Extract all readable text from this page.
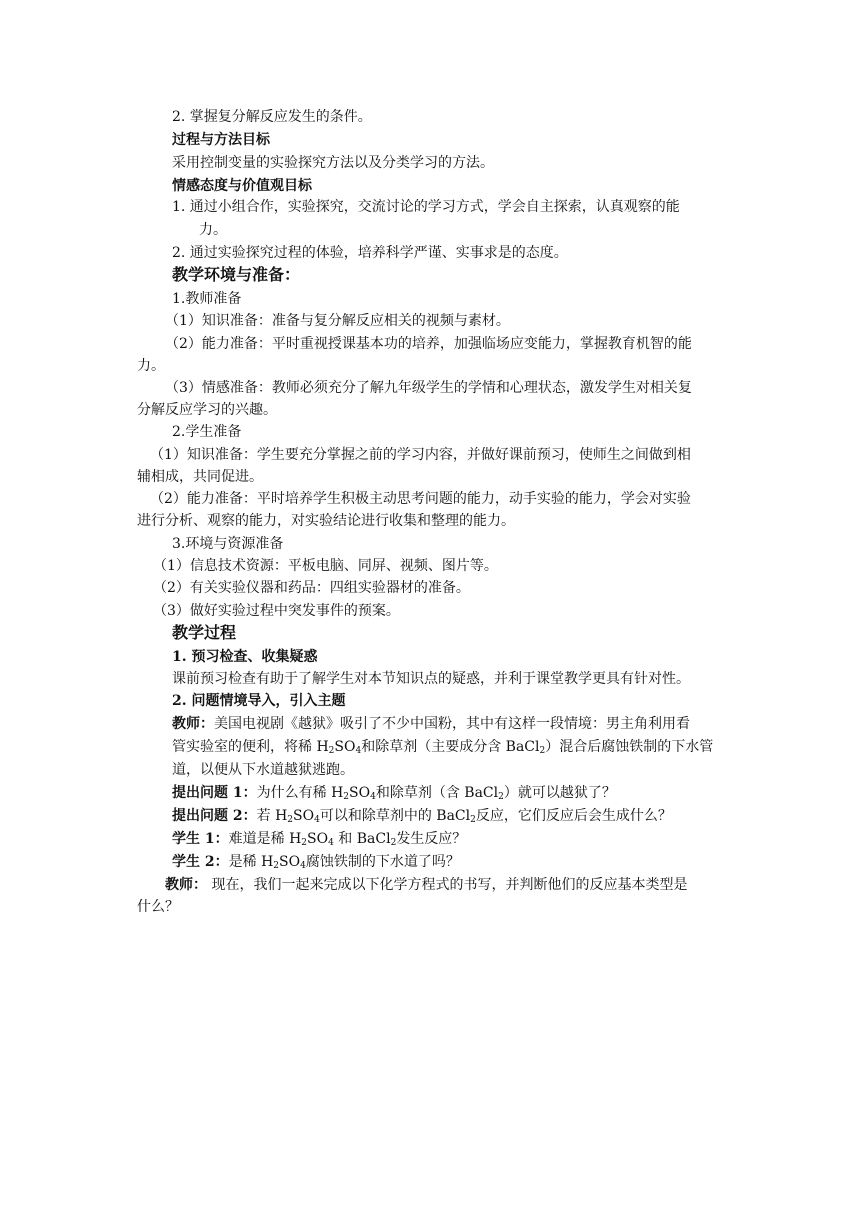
2. 掌握复分解反应发生的条件。
过程与方法目标
采用控制变量的实验探究方法以及分类学习的方法。
情感态度与价值观目标
1. 通过小组合作，实验探究，交流讨论的学习方式，学会自主探索，认真观察的能
力。
2. 通过实验探究过程的体验，培养科学严谨、实事求是的态度。
教学环境与准备：
1.教师准备
（1）知识准备：准备与复分解反应相关的视频与素材。
（2）能力准备：平时重视授课基本功的培养，加强临场应变能力，掌握教育机智的能
力。
（3）情感准备：教师必须充分了解九年级学生的学情和心理状态，激发学生对相关复
分解反应学习的兴趣。
2.学生准备
（1）知识准备：学生要充分掌握之前的学习内容，并做好课前预习，使师生之间做到相
辅相成，共同促进。
（2）能力准备：平时培养学生积极主动思考问题的能力，动手实验的能力，学会对实验
进行分析、观察的能力，对实验结论进行收集和整理的能力。
3.环境与资源准备
（1）信息技术资源：平板电脑、同屏、视频、图片等。
（2）有关实验仪器和药品：四组实验器材的准备。
（3）做好实验过程中突发事件的预案。
教学过程
1. 预习检查、收集疑惑
课前预习检查有助于了解学生对本节知识点的疑惑，并利于课堂教学更具有针对性。
2. 问题情境导入，引入主题
教师：美国电视剧《越狱》吸引了不少中国粉，其中有这样一段情境：男主角利用看
管实验室的便利，将稀 $H_2SO_4$和除草剂（主要成分含 BaCl$_2$）混合后腐蚀铁制的下水管
道，以便从下水道越狱逃跑。
提出问题 1：为什么有稀 $H_2SO_4$和除草剂（含 BaCl$_2$）就可以越狱了？
提出问题 2：若 $H_2SO_4$可以和除草剂中的 BaCl$_2$反应，它们反应后会生成什么？
学生 1：难道是稀 $H_2SO_4$ 和 BaCl$_2$发生反应？
学生 2：是稀 $H_2SO_4$腐蚀铁制的下水道了吗？
教师： 现在，我们一起来完成以下化学方程式的书写，并判断他们的反应基本类型是
什么？
